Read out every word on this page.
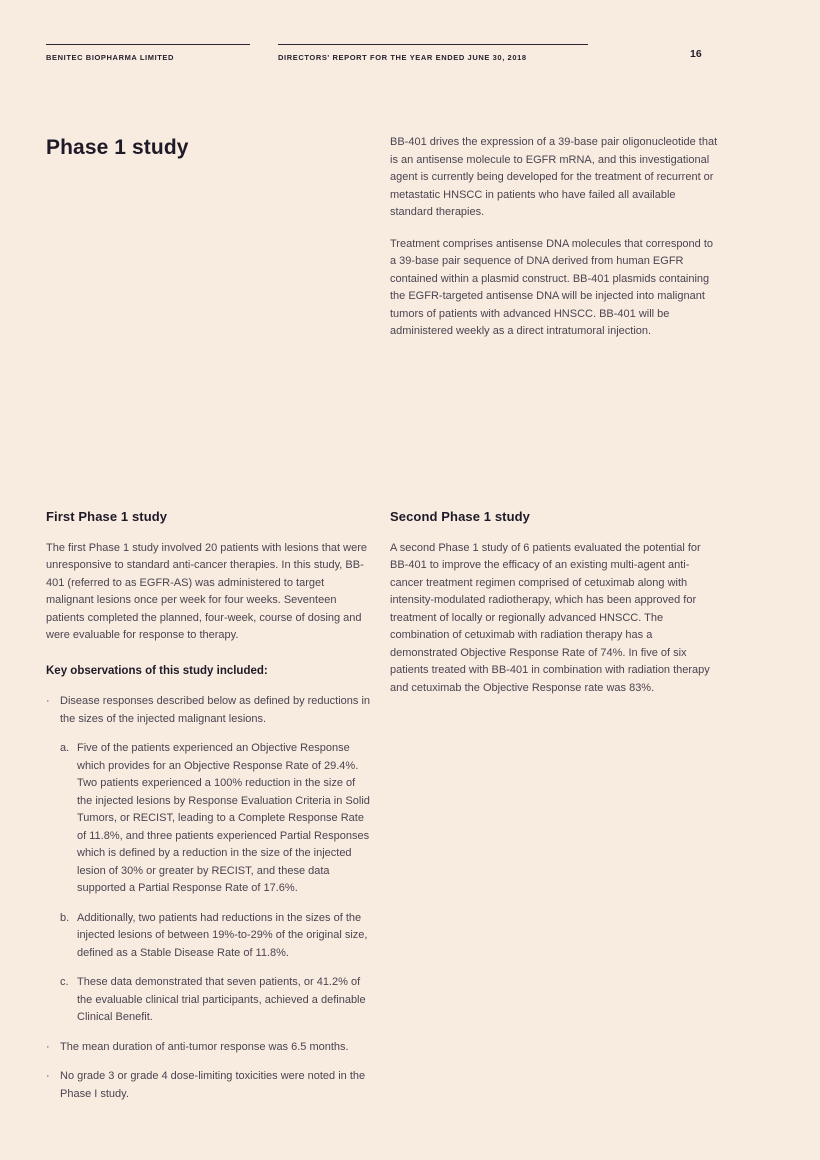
BENITEC BIOPHARMA LIMITED	DIRECTORS' REPORT FOR THE YEAR ENDED JUNE 30, 2018	16
Phase 1 study	BB-401 drives the expression of a 39-base pair oligonucleotide that is an antisense molecule to EGFR mRNA, and this investigational agent is currently being developed for the treatment of recurrent or metastatic HNSCC in patients who have failed all available standard therapies.

Treatment comprises antisense DNA molecules that correspond to a 39-base pair sequence of DNA derived from human EGFR contained within a plasmid construct. BB-401 plasmids containing the EGFR-targeted antisense DNA will be injected into malignant tumors of patients with advanced HNSCC. BB-401 will be administered weekly as a direct intratumoral injection.

First Phase 1 study

The first Phase 1 study involved 20 patients with lesions that were unresponsive to standard anti-cancer therapies. In this study, BB-401 (referred to as EGFR-AS) was administered to target malignant lesions once per week for four weeks. Seventeen patients completed the planned, four-week, course of dosing and were evaluable for response to therapy.

Key observations of this study included:
· Disease responses described below as defined by reductions in the sizes of the injected malignant lesions.
a. Five of the patients experienced an Objective Response which provides for an Objective Response Rate of 29.4%. Two patients experienced a 100% reduction in the size of the injected lesions by Response Evaluation Criteria in Solid Tumors, or RECIST, leading to a Complete Response Rate of 11.8%, and three patients experienced Partial Responses which is defined by a reduction in the size of the injected lesion of 30% or greater by RECIST, and these data supported a Partial Response Rate of 17.6%.
b. Additionally, two patients had reductions in the sizes of the injected lesions of between 19%-to-29% of the original size, defined as a Stable Disease Rate of 11.8%.
c. These data demonstrated that seven patients, or 41.2% of the evaluable clinical trial participants, achieved a definable Clinical Benefit.
· The mean duration of anti-tumor response was 6.5 months.
· No grade 3 or grade 4 dose-limiting toxicities were noted in the Phase I study.
Second Phase 1 study

A second Phase 1 study of 6 patients evaluated the potential for BB-401 to improve the efficacy of an existing multi-agent anti-cancer treatment regimen comprised of cetuximab along with intensity-modulated radiotherapy, which has been approved for treatment of locally or regionally advanced HNSCC. The combination of cetuximab with radiation therapy has a demonstrated Objective Response Rate of 74%. In five of six patients treated with BB-401 in combination with radiation therapy and cetuximab the Objective Response rate was 83%.
